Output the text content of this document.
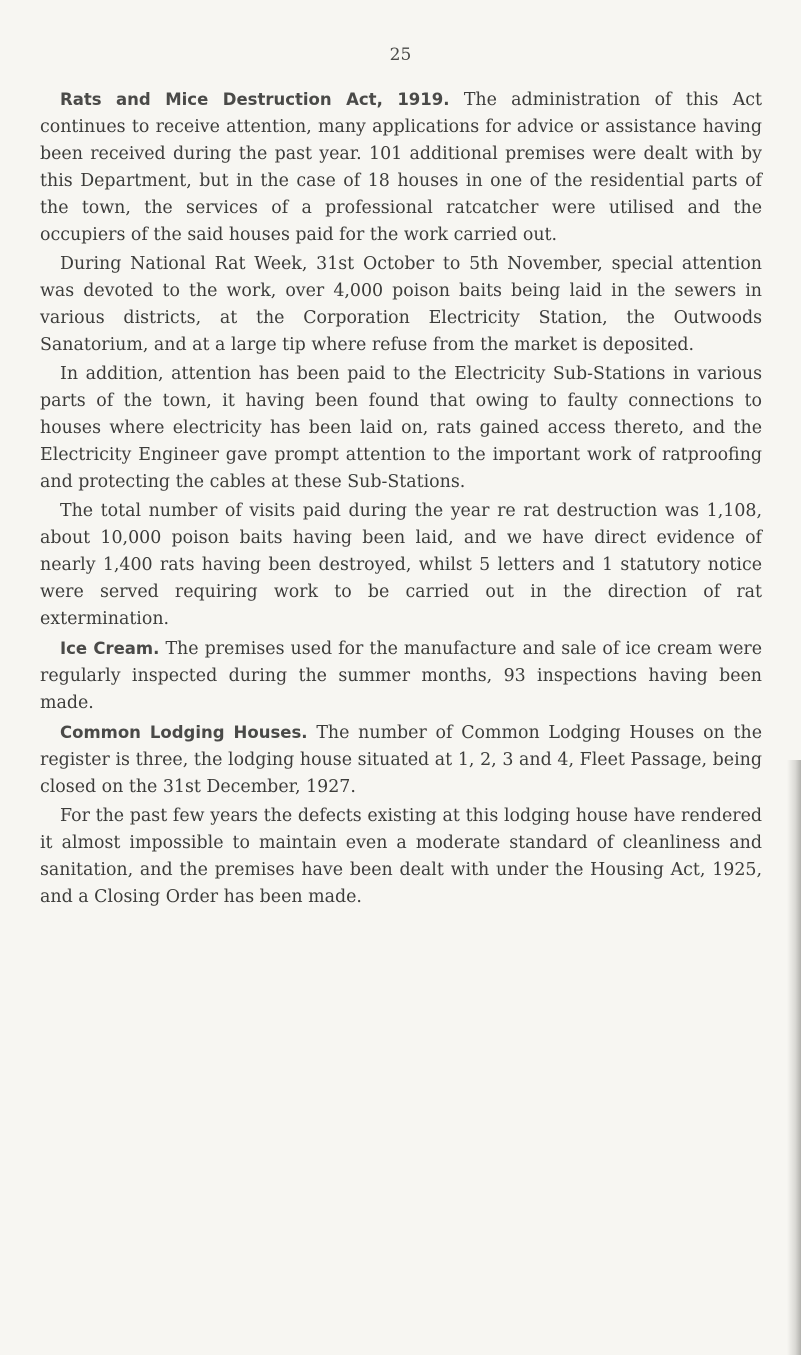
25

Rats and Mice Destruction Act, 1919. The administration of this Act continues to receive attention, many applications for advice or assistance having been received during the past year. 101 additional premises were dealt with by this Department, but in the case of 18 houses in one of the residential parts of the town, the services of a professional ratcatcher were utilised and the occupiers of the said houses paid for the work carried out.

During National Rat Week, 31st October to 5th November, special attention was devoted to the work, over 4,000 poison baits being laid in the sewers in various districts, at the Corporation Electricity Station, the Outwoods Sanatorium, and at a large tip where refuse from the market is deposited.

In addition, attention has been paid to the Electricity Sub-Stations in various parts of the town, it having been found that owing to faulty connections to houses where electricity has been laid on, rats gained access thereto, and the Electricity Engineer gave prompt attention to the important work of ratproofing and protecting the cables at these Sub-Stations.

The total number of visits paid during the year re rat destruction was 1,108, about 10,000 poison baits having been laid, and we have direct evidence of nearly 1,400 rats having been destroyed, whilst 5 letters and 1 statutory notice were served requiring work to be carried out in the direction of rat extermination.

Ice Cream. The premises used for the manufacture and sale of ice cream were regularly inspected during the summer months, 93 inspections having been made.

Common Lodging Houses. The number of Common Lodging Houses on the register is three, the lodging house situated at 1, 2, 3 and 4, Fleet Passage, being closed on the 31st December, 1927.

For the past few years the defects existing at this lodging house have rendered it almost impossible to maintain even a moderate standard of cleanliness and sanitation, and the premises have been dealt with under the Housing Act, 1925, and a Closing Order has been made.
